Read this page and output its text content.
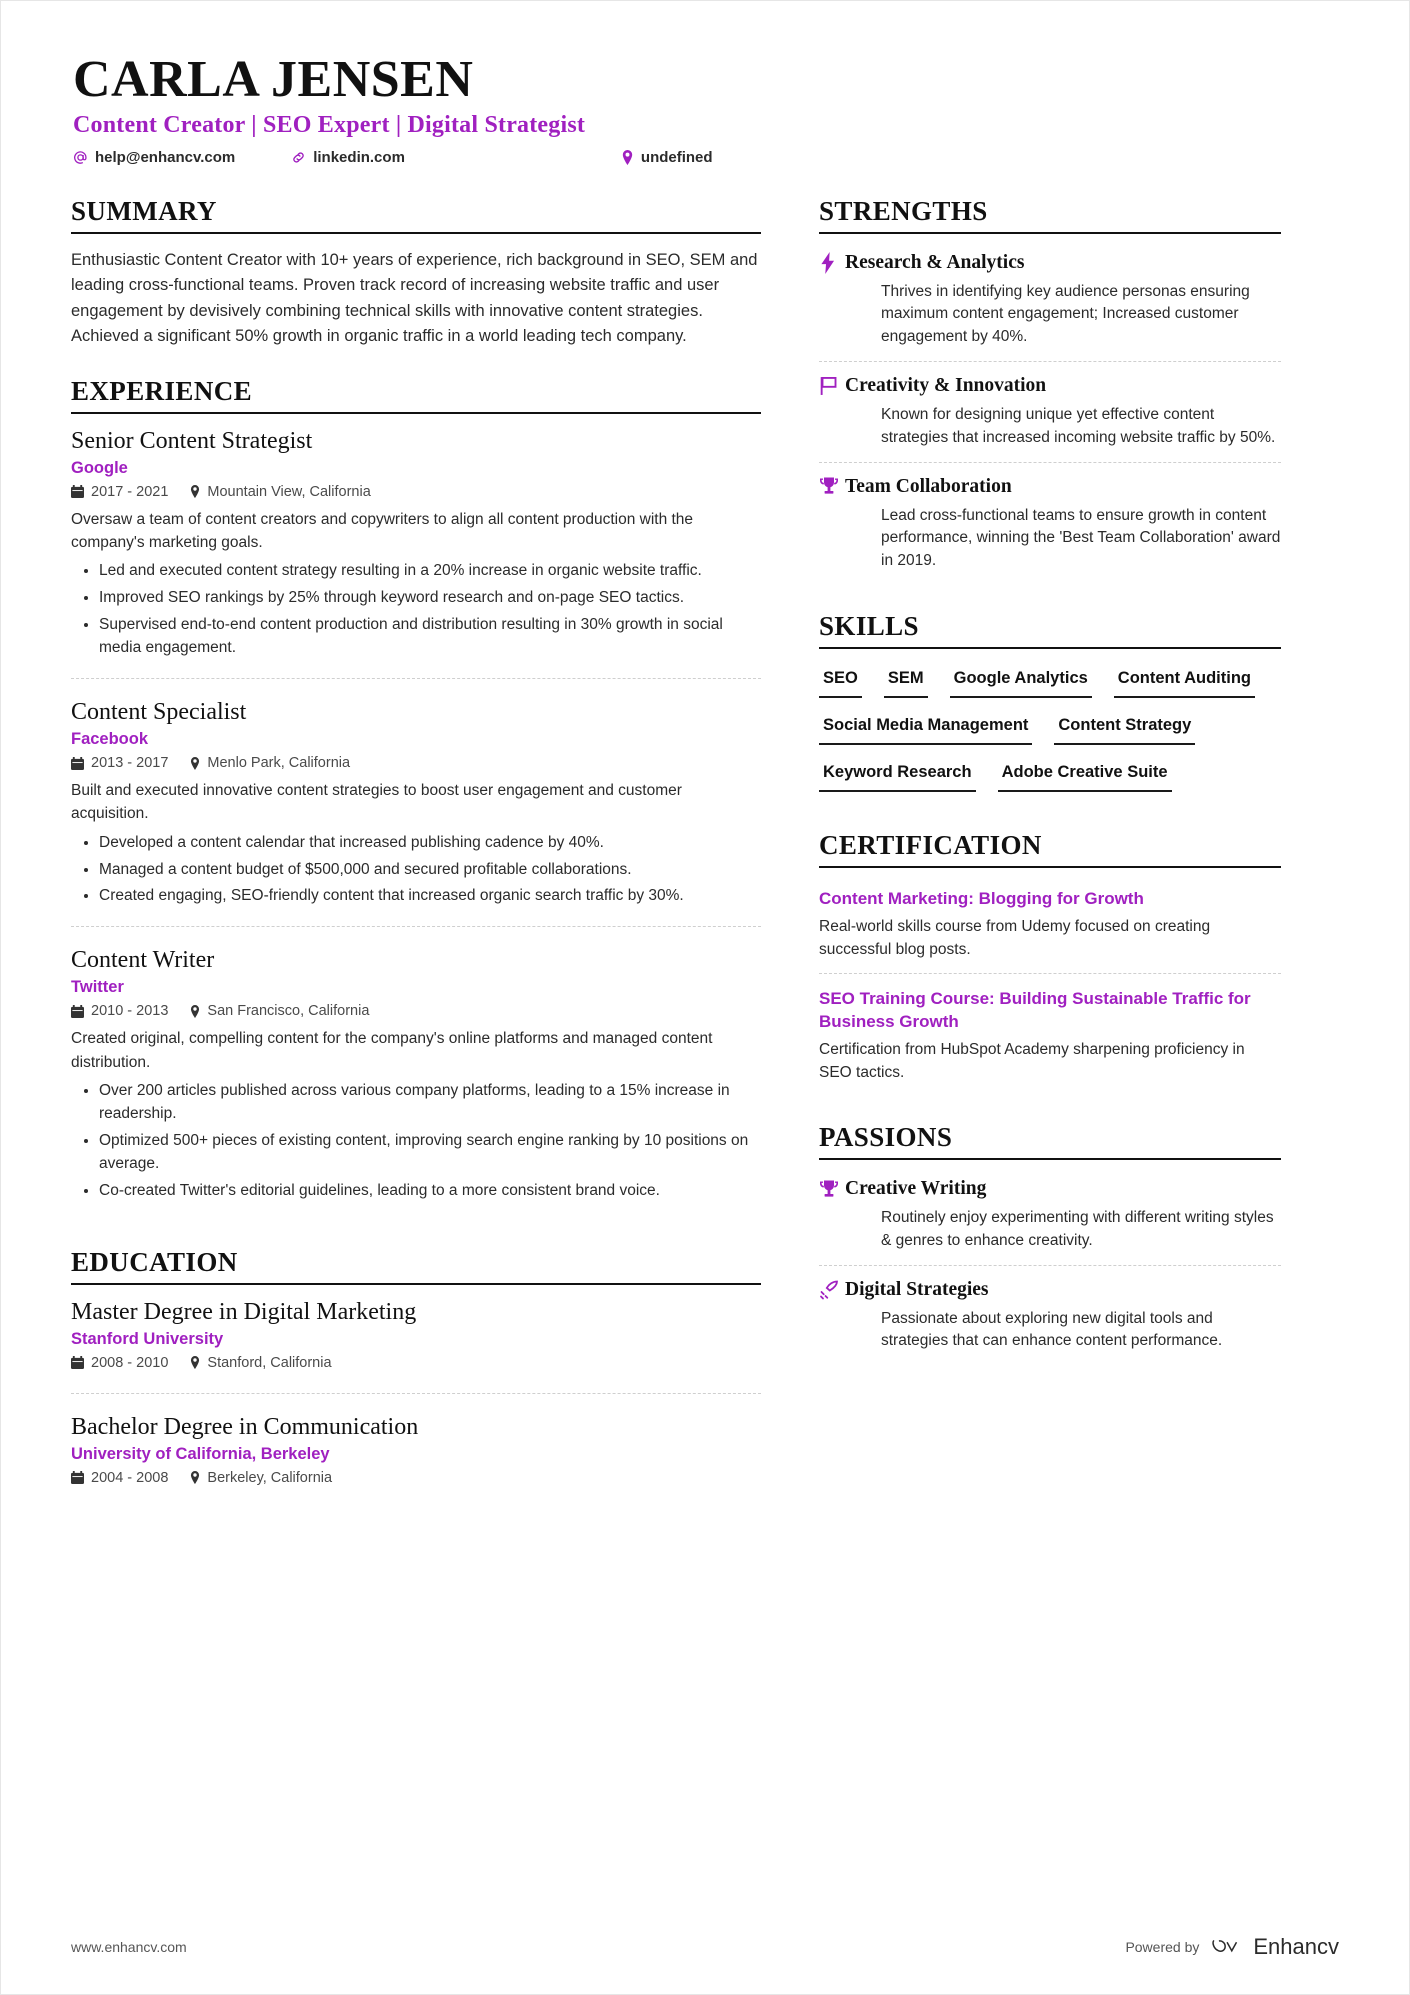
CARLA JENSEN
Content Creator | SEO Expert | Digital Strategist
help@enhancv.com	linkedin.com	undefined
SUMMARY

Enthusiastic Content Creator with 10+ years of experience, rich background in SEO, SEM and leading cross-functional teams. Proven track record of increasing website traffic and user engagement by devisively combining technical skills with innovative content strategies. Achieved a significant 50% growth in organic traffic in a world leading tech company.

EXPERIENCE
Senior Content Strategist
Google
2017 - 2021	Mountain View, California
Oversaw a team of content creators and copywriters to align all content production with the company's marketing goals.
• Led and executed content strategy resulting in a 20% increase in organic website traffic.
• Improved SEO rankings by 25% through keyword research and on-page SEO tactics.
• Supervised end-to-end content production and distribution resulting in 30% growth in social media engagement.
Content Specialist
Facebook
2013 - 2017	Menlo Park, California
Built and executed innovative content strategies to boost user engagement and customer acquisition.
• Developed a content calendar that increased publishing cadence by 40%.
• Managed a content budget of $500,000 and secured profitable collaborations.
• Created engaging, SEO-friendly content that increased organic search traffic by 30%.
Content Writer
Twitter
2010 - 2013	San Francisco, California
Created original, compelling content for the company's online platforms and managed content distribution.
• Over 200 articles published across various company platforms, leading to a 15% increase in readership.
• Optimized 500+ pieces of existing content, improving search engine ranking by 10 positions on average.
• Co-created Twitter's editorial guidelines, leading to a more consistent brand voice.
EDUCATION
Master Degree in Digital Marketing
Stanford University
2008 - 2010	Stanford, California
Bachelor Degree in Communication
University of California, Berkeley
2004 - 2008	Berkeley, California
STRENGTHS
Research & Analytics
Thrives in identifying key audience personas ensuring maximum content engagement; Increased customer engagement by 40%.
Creativity & Innovation
Known for designing unique yet effective content strategies that increased incoming website traffic by 50%.
Team Collaboration
Lead cross-functional teams to ensure growth in content performance, winning the 'Best Team Collaboration' award in 2019.
SKILLS
SEO SEM Google Analytics Content Auditing
Social Media Management Content Strategy
Keyword Research Adobe Creative Suite
CERTIFICATION
Content Marketing: Blogging for Growth
Real-world skills course from Udemy focused on creating successful blog posts.
SEO Training Course: Building Sustainable Traffic for Business Growth
Certification from HubSpot Academy sharpening proficiency in SEO tactics.
PASSIONS
Creative Writing
Routinely enjoy experimenting with different writing styles & genres to enhance creativity.
Digital Strategies
Passionate about exploring new digital tools and strategies that can enhance content performance.
www.enhancv.com	Powered by Enhancv
